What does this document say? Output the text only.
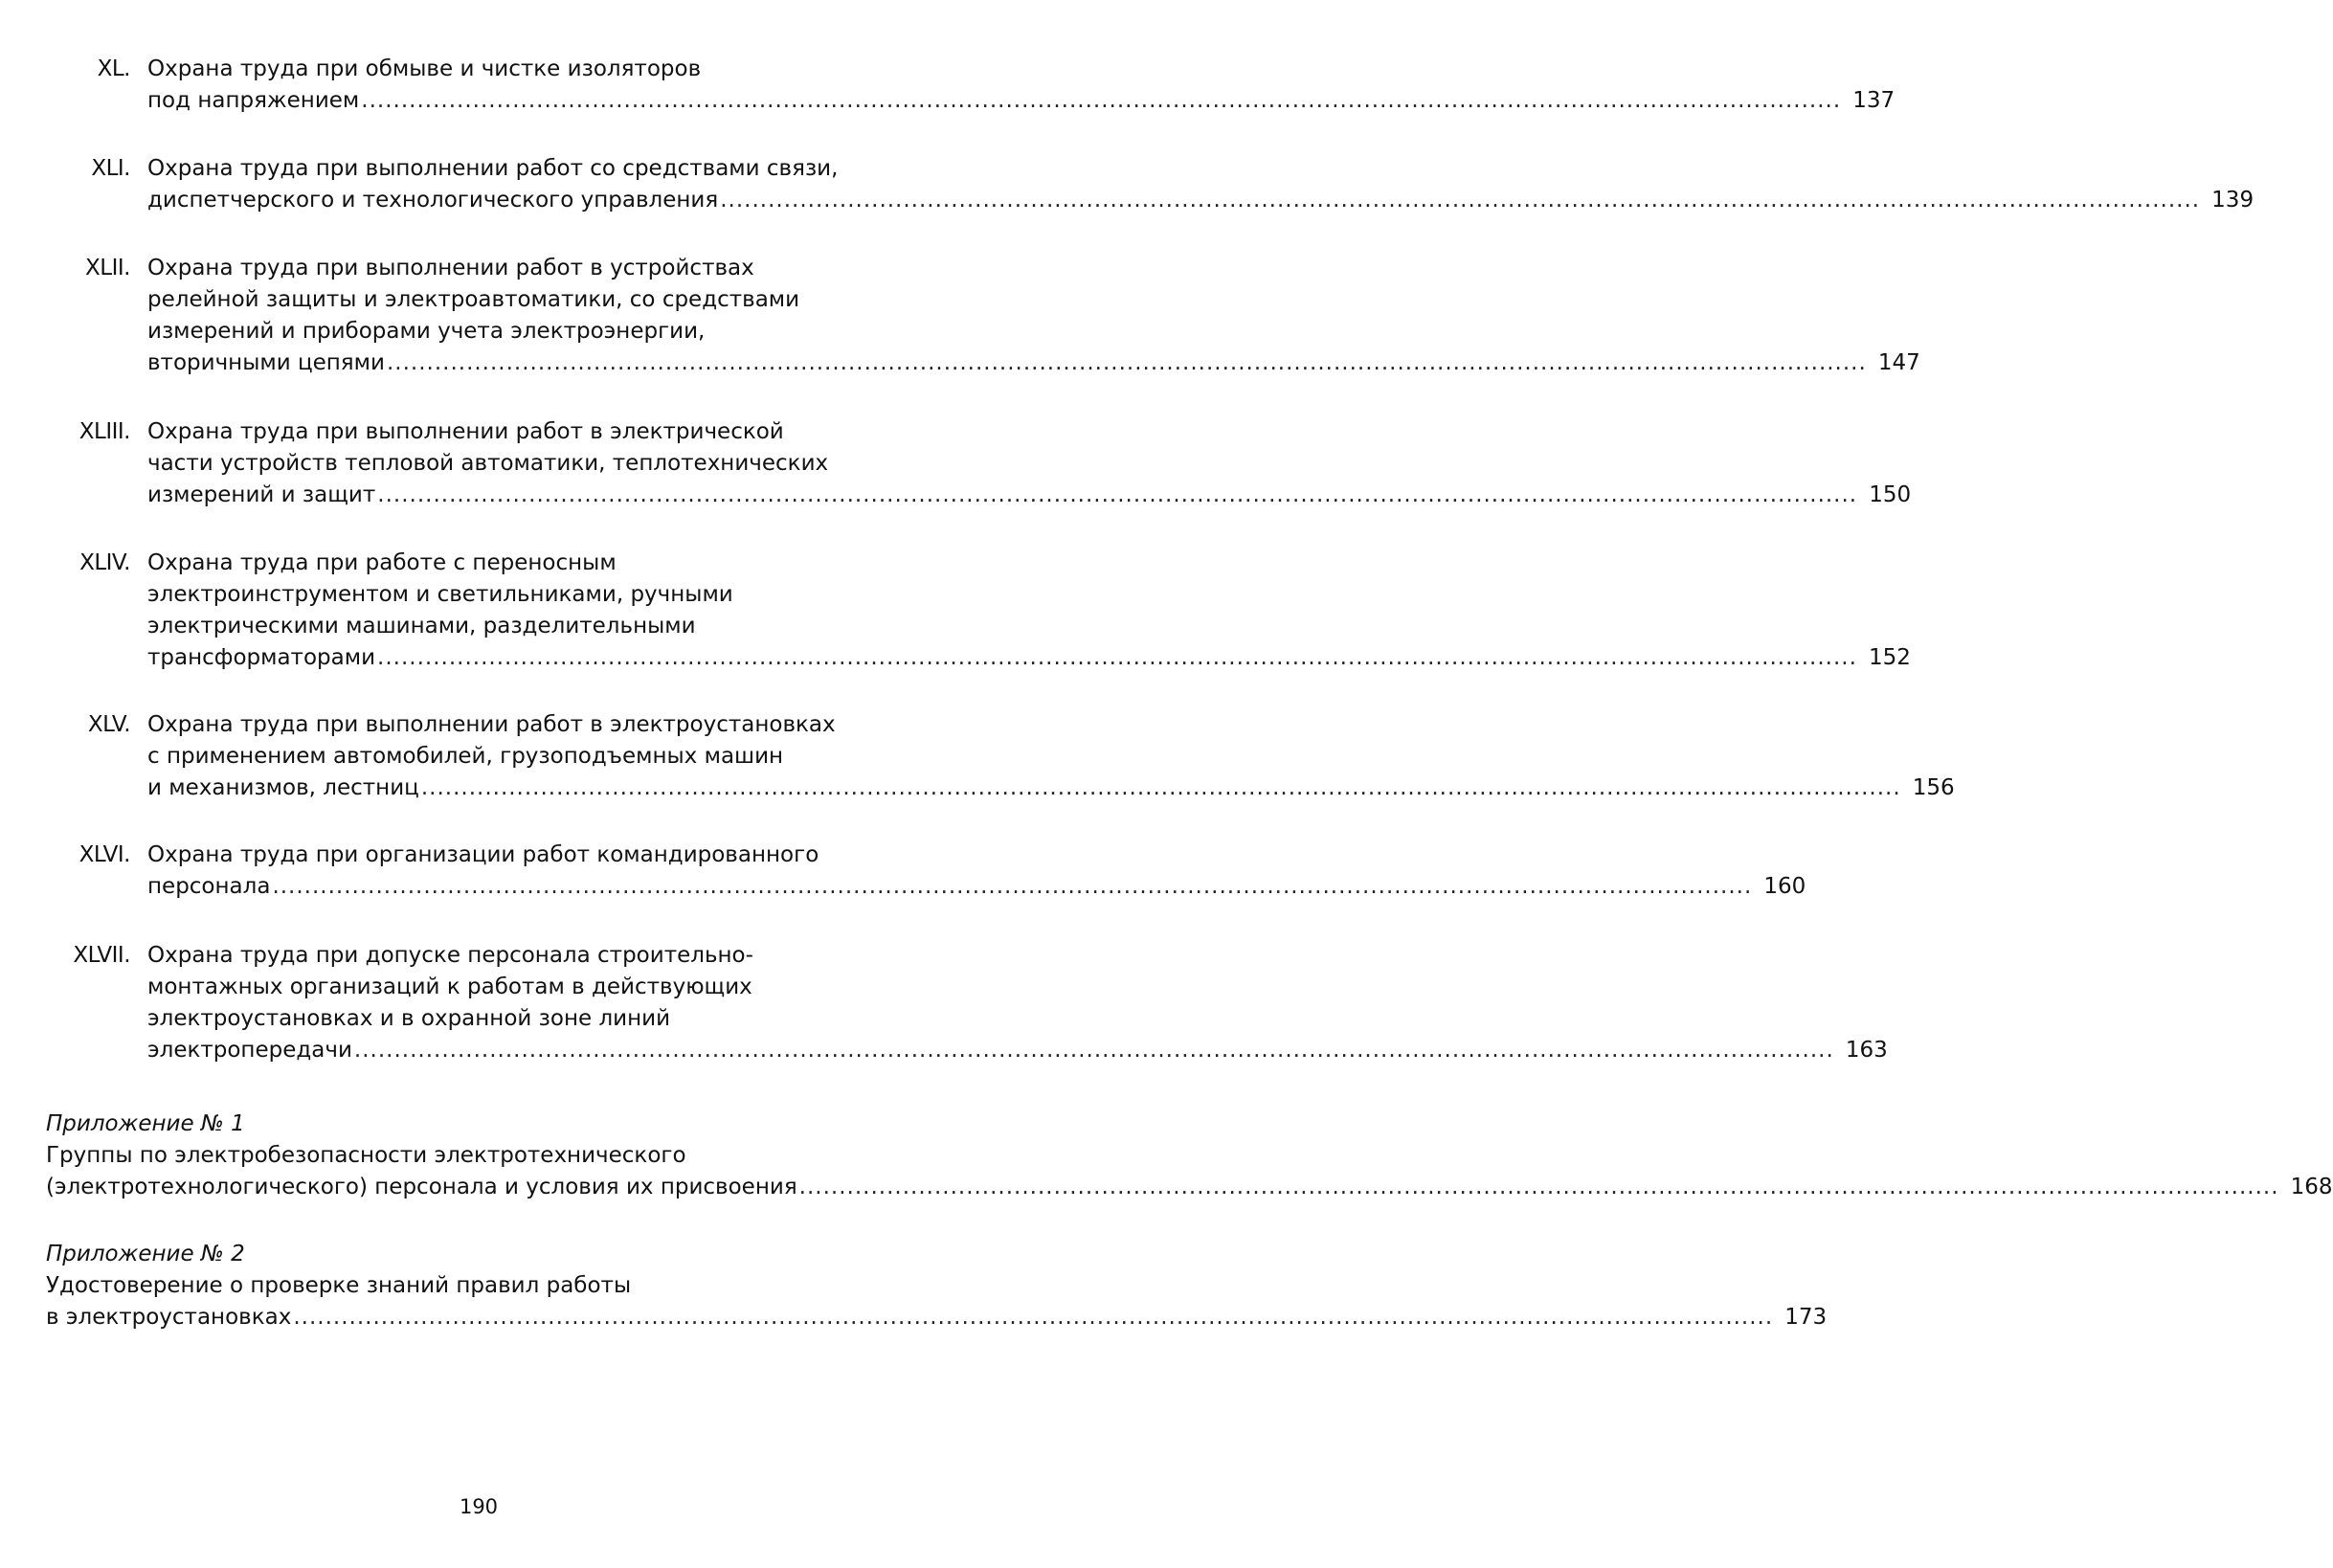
XL. Охрана труда при обмыве и чистке изоляторов
под напряжением .......................................................................................................................................................................................... 137
XLI. Охрана труда при выполнении работ со средствами связи,
диспетчерского и технологического управления .......................................................................................................................................................................................... 139
XLII. Охрана труда при выполнении работ в устройствах
релейной защиты и электроавтоматики, со средствами
измерений и приборами учета электроэнергии,
вторичными цепями .......................................................................................................................................................................................... 147
XLIII. Охрана труда при выполнении работ в электрической
части устройств тепловой автоматики, теплотехнических
измерений и защит .......................................................................................................................................................................................... 150
XLIV. Охрана труда при работе с переносным
электроинструментом и светильниками, ручными
электрическими машинами, разделительными
трансформаторами .......................................................................................................................................................................................... 152
XLV. Охрана труда при выполнении работ в электроустановках
с применением автомобилей, грузоподъемных машин
и механизмов, лестниц .......................................................................................................................................................................................... 156
XLVI. Охрана труда при организации работ командированного
персонала .......................................................................................................................................................................................... 160
XLVII. Охрана труда при допуске персонала строительно-
монтажных организаций к работам в действующих
электроустановках и в охранной зоне линий
электропередачи .......................................................................................................................................................................................... 163
Приложение № 1
Группы по электробезопасности электротехнического
(электротехнологического) персонала и условия их присвоения .......................................................................................................................................................................................... 168
Приложение № 2
Удостоверение о проверке знаний правил работы
в электроустановках .......................................................................................................................................................................................... 173
190
